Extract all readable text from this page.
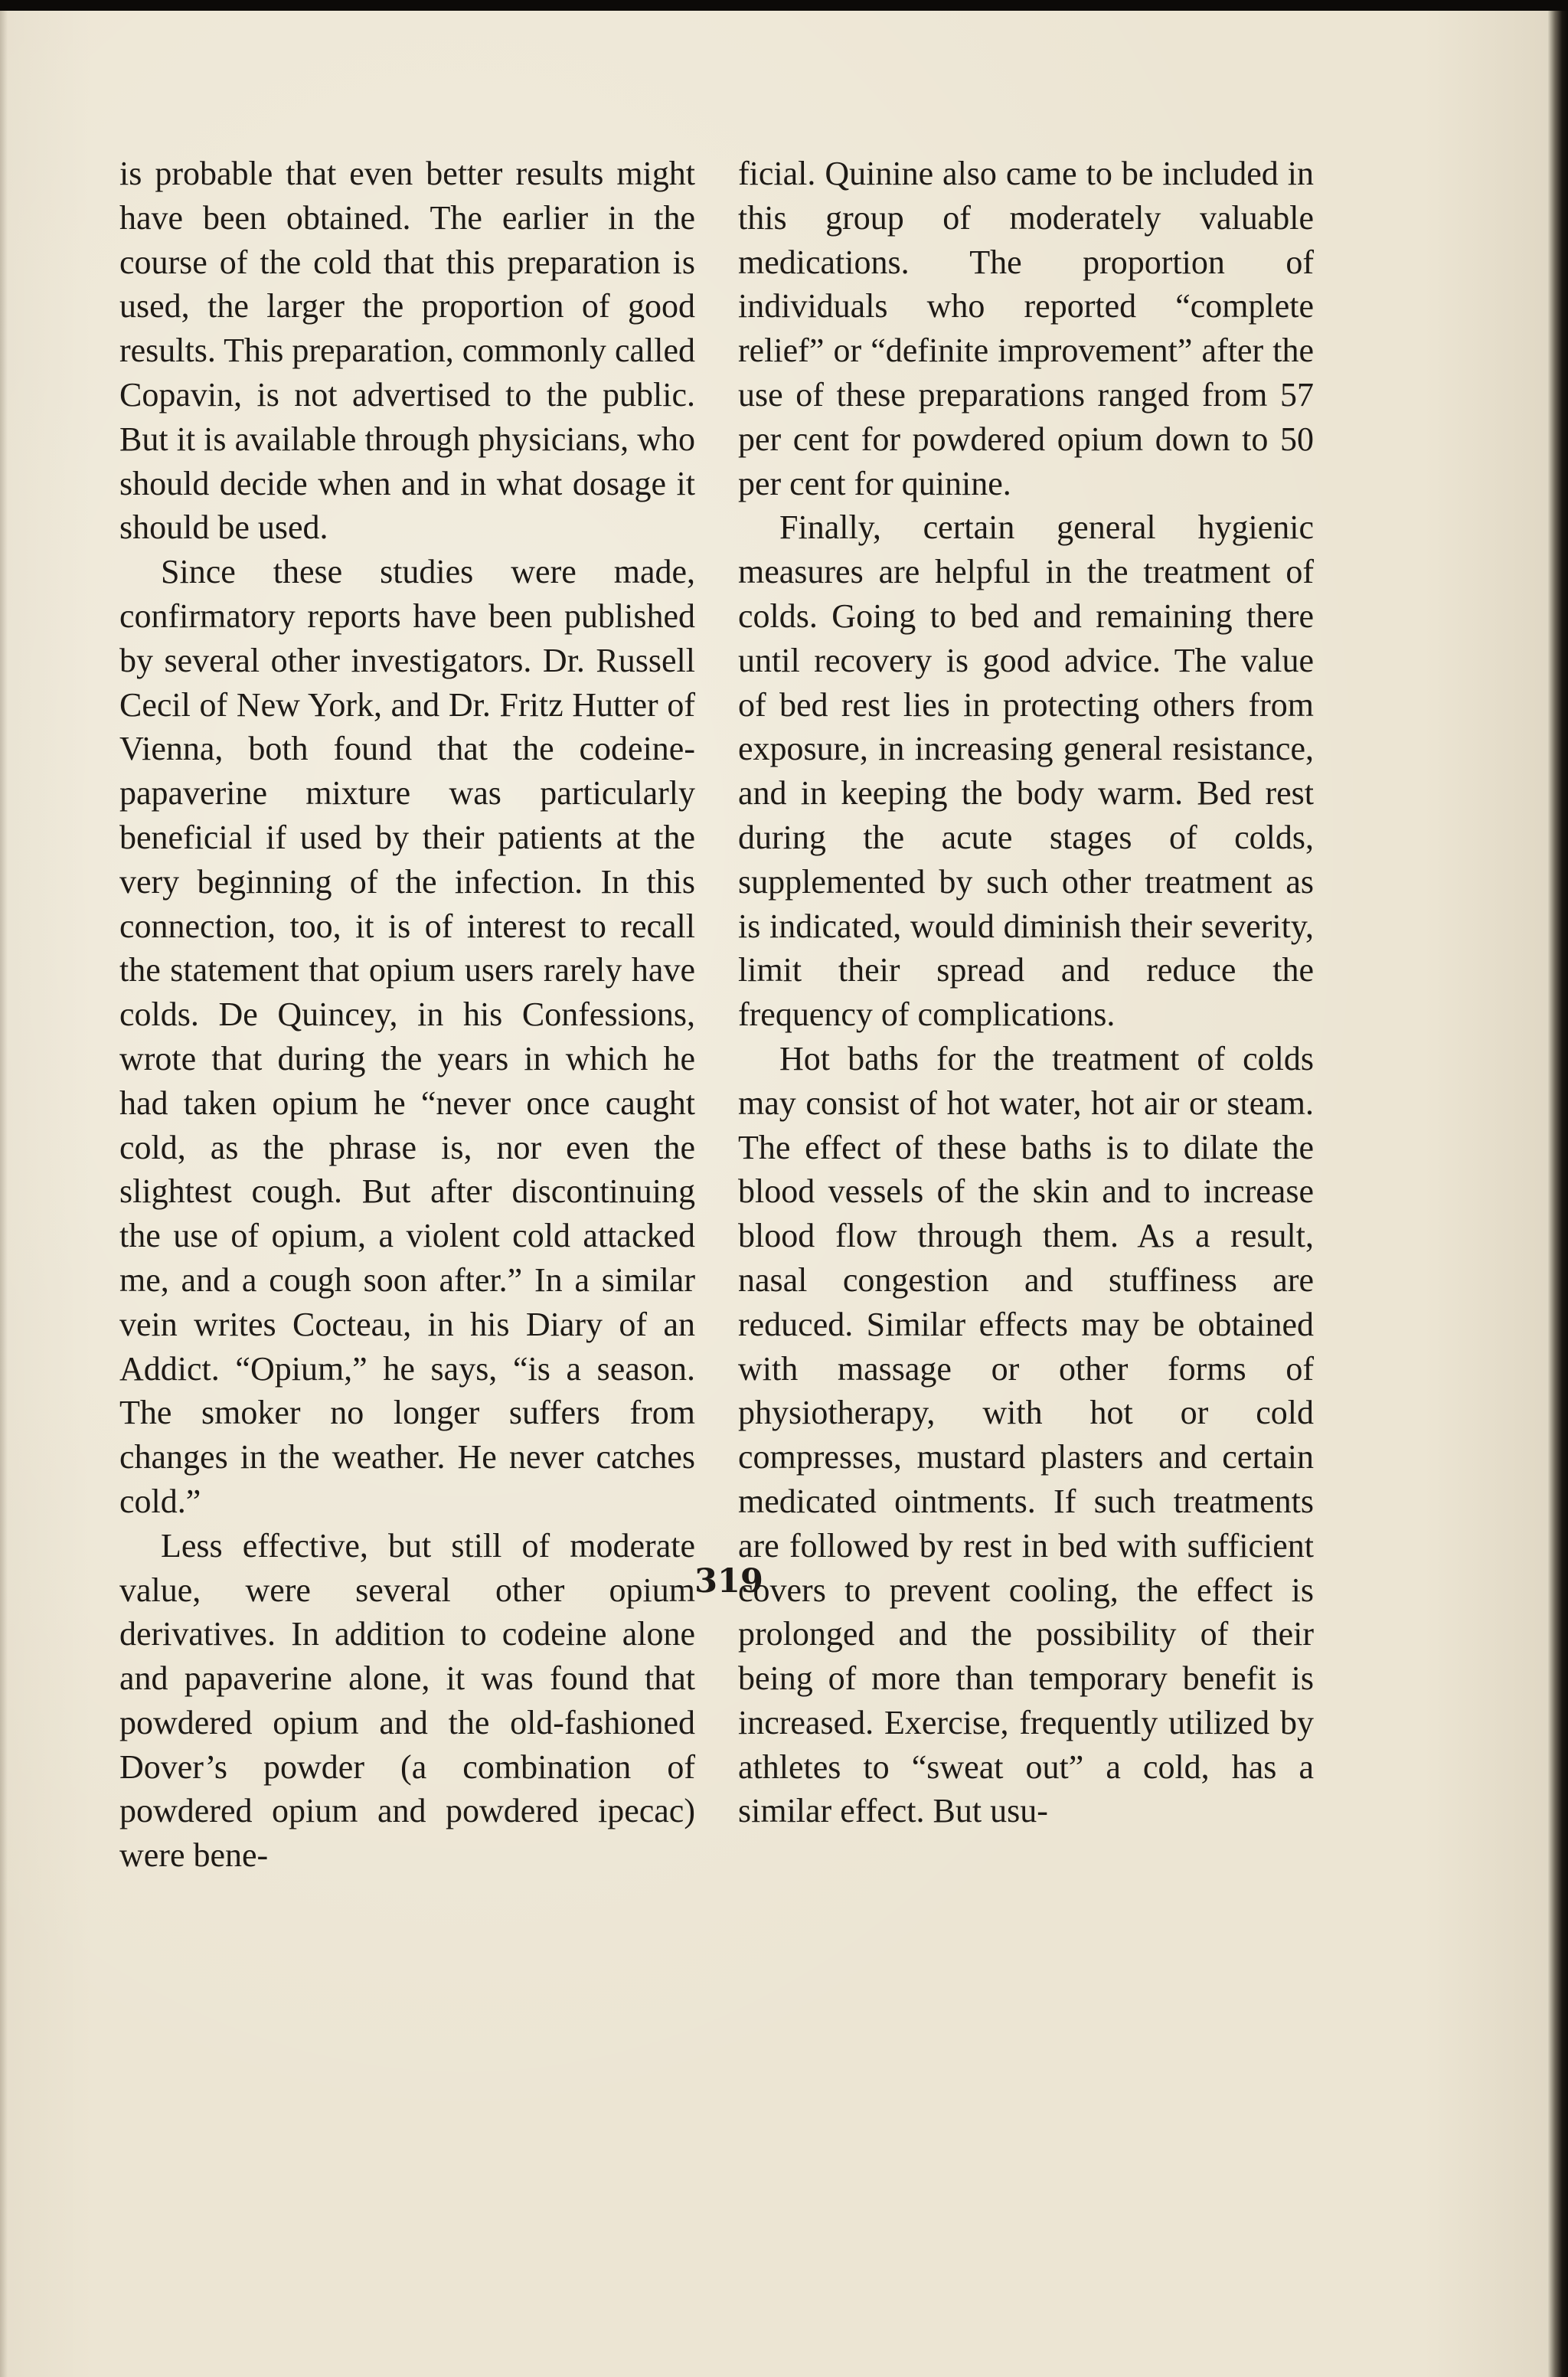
is probable that even better results might have been obtained. The earlier in the course of the cold that this preparation is used, the larger the proportion of good results. This preparation, commonly called Copavin, is not advertised to the public. But it is available through physicians, who should decide when and in what dosage it should be used.

Since these studies were made, confirmatory reports have been published by several other investigators. Dr. Russell Cecil of New York, and Dr. Fritz Hutter of Vienna, both found that the codeine-papaverine mixture was particularly beneficial if used by their patients at the very beginning of the infection. In this connection, too, it is of interest to recall the statement that opium users rarely have colds. De Quincey, in his Confessions, wrote that during the years in which he had taken opium he “never once caught cold, as the phrase is, nor even the slightest cough. But after discontinuing the use of opium, a violent cold attacked me, and a cough soon after.” In a similar vein writes Cocteau, in his Diary of an Addict. “Opium,” he says, “is a season. The smoker no longer suffers from changes in the weather. He never catches cold.”

Less effective, but still of moderate value, were several other opium derivatives. In addition to codeine alone and papaverine alone, it was found that powdered opium and the old-fashioned Dover’s powder (a combination of powdered opium and powdered ipecac) were bene-

ficial. Quinine also came to be included in this group of moderately valuable medications. The proportion of individuals who reported “complete relief” or “definite improvement” after the use of these preparations ranged from 57 per cent for powdered opium down to 50 per cent for quinine.

Finally, certain general hygienic measures are helpful in the treatment of colds. Going to bed and remaining there until recovery is good advice. The value of bed rest lies in protecting others from exposure, in increasing general resistance, and in keeping the body warm. Bed rest during the acute stages of colds, supplemented by such other treatment as is indicated, would diminish their severity, limit their spread and reduce the frequency of complications.

Hot baths for the treatment of colds may consist of hot water, hot air or steam. The effect of these baths is to dilate the blood vessels of the skin and to increase blood flow through them. As a result, nasal congestion and stuffiness are reduced. Similar effects may be obtained with massage or other forms of physiotherapy, with hot or cold compresses, mustard plasters and certain medicated ointments. If such treatments are followed by rest in bed with sufficient covers to prevent cooling, the effect is prolonged and the possibility of their being of more than temporary benefit is increased. Exercise, frequently utilized by athletes to “sweat out” a cold, has a similar effect. But usu-

319
